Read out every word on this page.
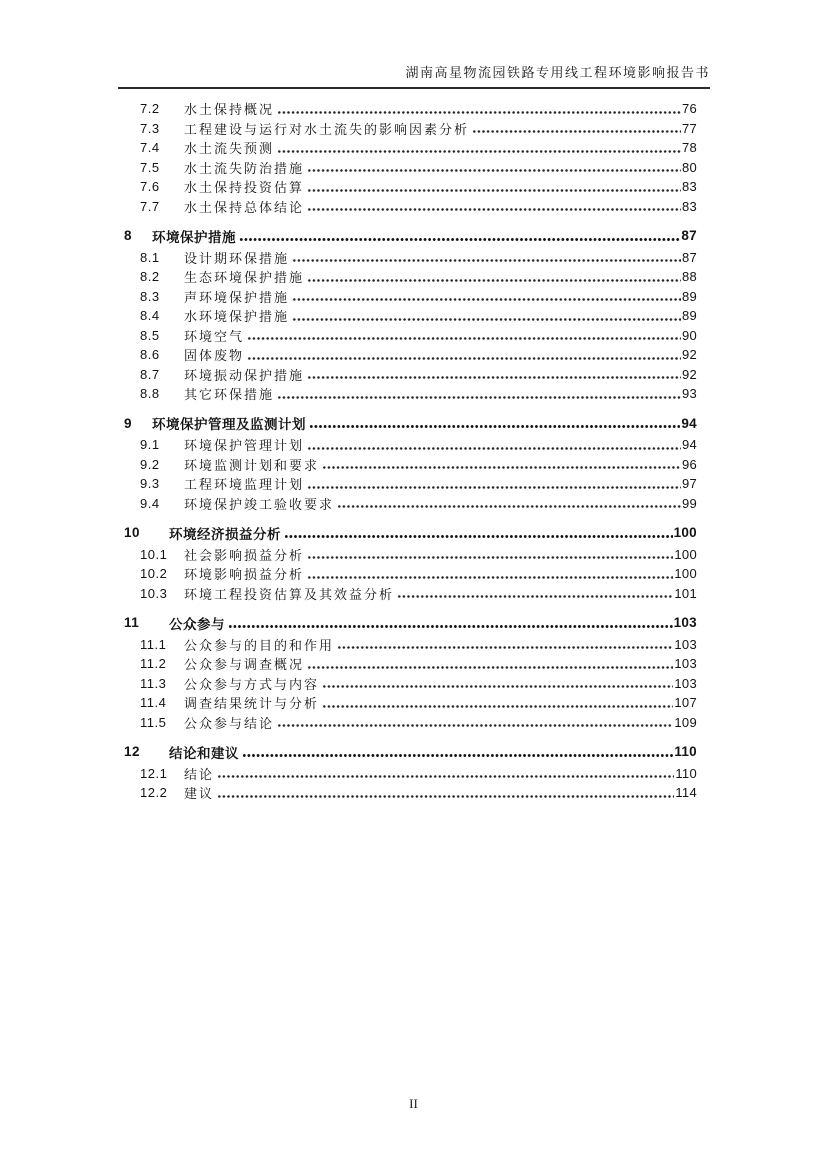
湖南高星物流园铁路专用线工程环境影响报告书
7.2	水土保持概况	76
7.3	工程建设与运行对水土流失的影响因素分析	77
7.4	水土流失预测	78
7.5	水土流失防治措施	80
7.6	水土保持投资估算	83
7.7	水土保持总体结论	83
8	环境保护措施	87
8.1	设计期环保措施	87
8.2	生态环境保护措施	88
8.3	声环境保护措施	89
8.4	水环境保护措施	89
8.5	环境空气	90
8.6	固体废物	92
8.7	环境振动保护措施	92
8.8	其它环保措施	93
9	环境保护管理及监测计划	94
9.1	环境保护管理计划	94
9.2	环境监测计划和要求	96
9.3	工程环境监理计划	97
9.4	环境保护竣工验收要求	99
10	环境经济损益分析	100
10.1	社会影响损益分析	100
10.2	环境影响损益分析	100
10.3	环境工程投资估算及其效益分析	101
11	公众参与	103
11.1	公众参与的目的和作用	103
11.2	公众参与调查概况	103
11.3	公众参与方式与内容	103
11.4	调查结果统计与分析	107
11.5	公众参与结论	109
12	结论和建议	110
12.1	结论	110
12.2	建议	114
II
